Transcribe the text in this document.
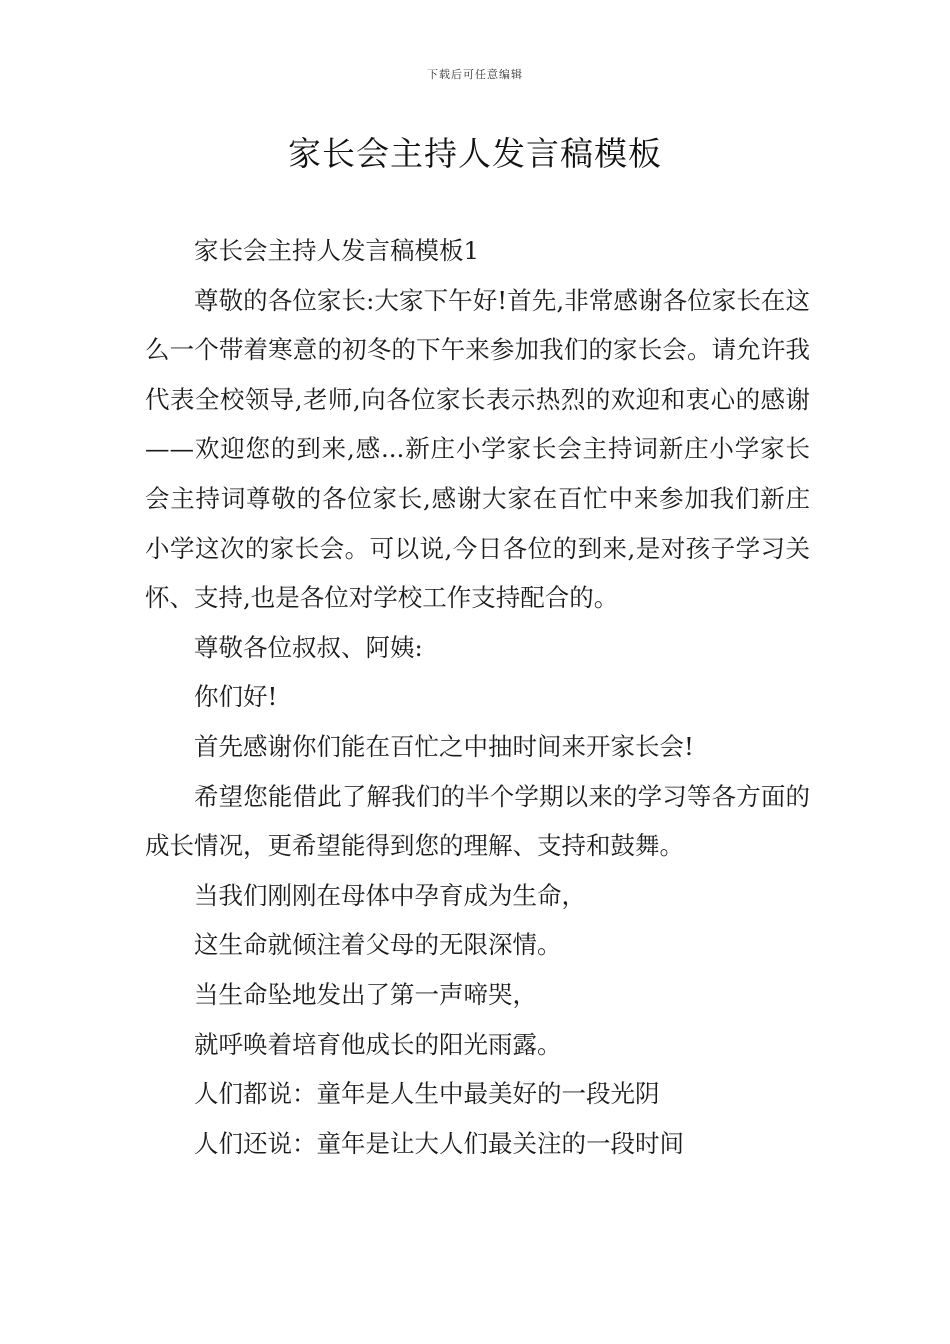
下载后可任意编辑
家长会主持人发言稿模板

家长会主持人发言稿模板1

尊敬的各位家长:大家下午好!首先,非常感谢各位家长在这么一个带着寒意的初冬的下午来参加我们的家长会。请允许我代表全校领导,老师,向各位家长表示热烈的欢迎和衷心的感谢——欢迎您的到来,感...新庄小学家长会主持词新庄小学家长会主持词尊敬的各位家长,感谢大家在百忙中来参加我们新庄小学这次的家长会。可以说,今日各位的到来,是对孩子学习关怀、支持,也是各位对学校工作支持配合的。

尊敬各位叔叔、阿姨:

你们好!

首先感谢你们能在百忙之中抽时间来开家长会!

希望您能借此了解我们的半个学期以来的学习等各方面的成长情况，更希望能得到您的理解、支持和鼓舞。

当我们刚刚在母体中孕育成为生命，

这生命就倾注着父母的无限深情。

当生命坠地发出了第一声啼哭，

就呼唤着培育他成长的阳光雨露。

人们都说：童年是人生中最美好的一段光阴

人们还说：童年是让大人们最关注的一段时间
